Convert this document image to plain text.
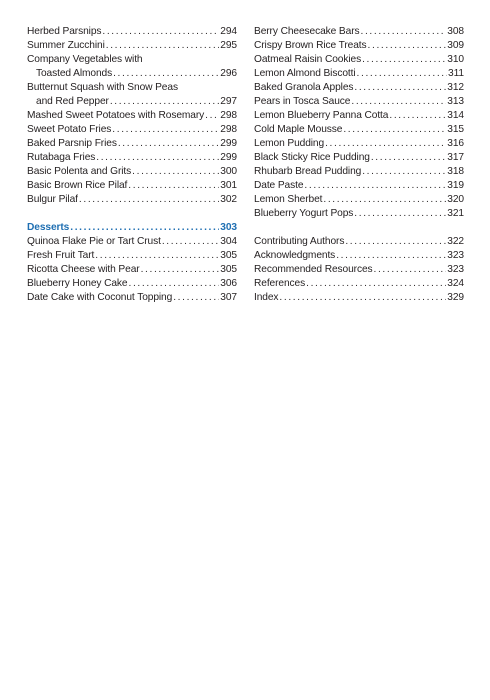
Herbed Parsnips . . .	294
Summer Zucchini . . .	295
Company Vegetables with
Toasted Almonds . . .	296
Butternut Squash with Snow Peas
and Red Pepper . . .	297
Mashed Sweet Potatoes with Rosemary . . . 298
Sweet Potato Fries . . .	298
Baked Parsnip Fries . . .	299
Rutabaga Fries . . .	299
Basic Polenta and Grits . . .	300
Basic Brown Rice Pilaf . . .	301
Bulgur Pilaf . . .	302
Desserts . . .	303
Quinoa Flake Pie or Tart Crust . . .	304
Fresh Fruit Tart . . .	305
Ricotta Cheese with Pear . . .	305
Blueberry Honey Cake . . .	306
Date Cake with Coconut Topping . . .	307
Berry Cheesecake Bars . . .	308
Crispy Brown Rice Treats . . .	309
Oatmeal Raisin Cookies . . .	310
Lemon Almond Biscotti . . .	311
Baked Granola Apples . . .	312
Pears in Tosca Sauce . . .	313
Lemon Blueberry Panna Cotta . . .	314
Cold Maple Mousse . . .	315
Lemon Pudding . . .	316
Black Sticky Rice Pudding . . .	317
Rhubarb Bread Pudding . . .	318
Date Paste . . .	319
Lemon Sherbet . . .	320
Blueberry Yogurt Pops . . .	321
Contributing Authors . . .	322
Acknowledgments . . .	323
Recommended Resources . . .	323
References . . .	324
Index . . .	329
